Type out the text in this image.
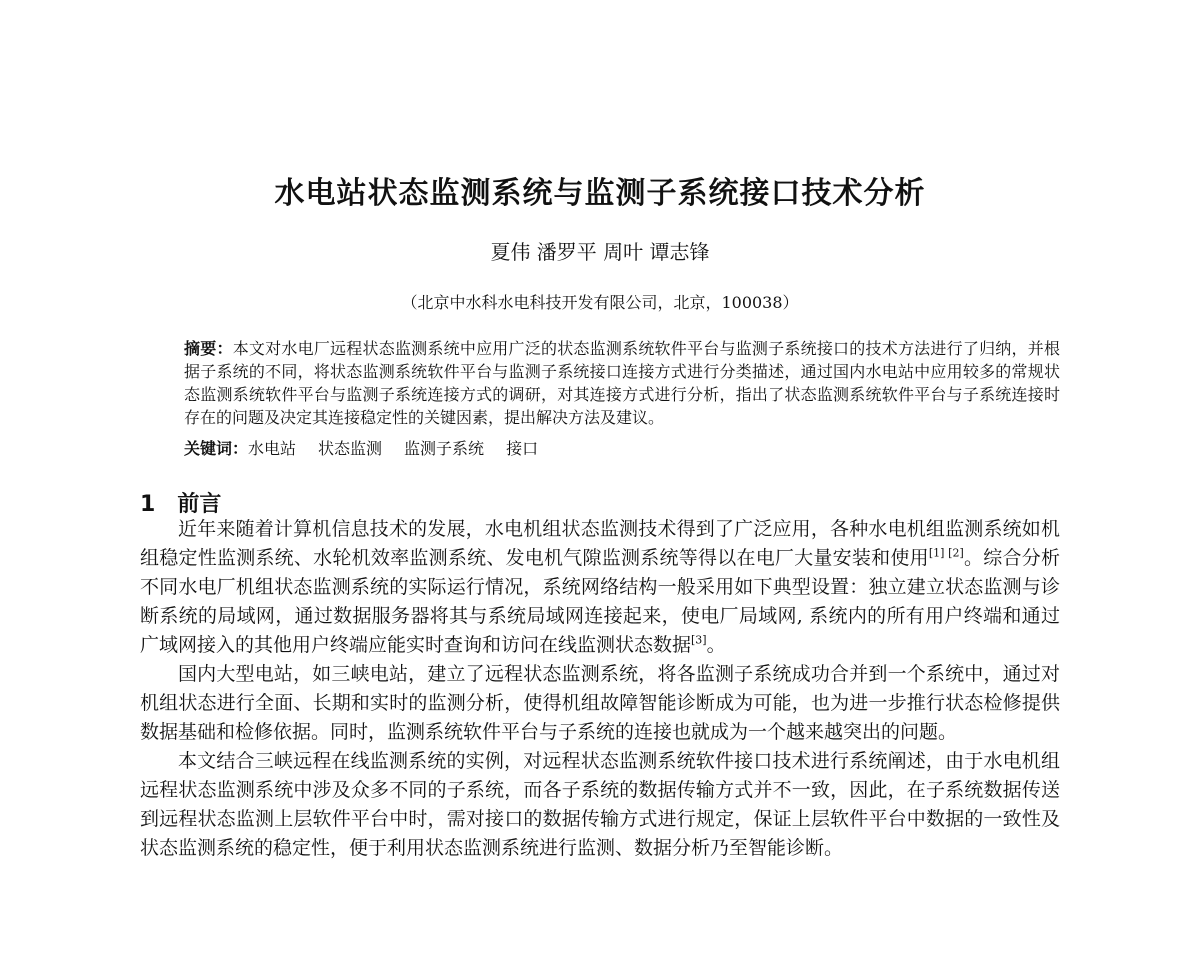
水电站状态监测系统与监测子系统接口技术分析
夏伟 潘罗平 周叶 谭志锋
（北京中水科水电科技开发有限公司，北京，100038）
摘要：本文对水电厂远程状态监测系统中应用广泛的状态监测系统软件平台与监测子系统接口的技术方法进行了归纳，并根据子系统的不同，将状态监测系统软件平台与监测子系统接口连接方式进行分类描述，通过国内水电站中应用较多的常规状态监测系统软件平台与监测子系统连接方式的调研，对其连接方式进行分析，指出了状态监测系统软件平台与子系统连接时存在的问题及决定其连接稳定性的关键因素，提出解决方法及建议。
关键词：水电站 状态监测 监测子系统 接口
1 前言

近年来随着计算机信息技术的发展，水电机组状态监测技术得到了广泛应用，各种水电机组监测系统如机组稳定性监测系统、水轮机效率监测系统、发电机气隙监测系统等得以在电厂大量安装和使用[1] [2]。综合分析不同水电厂机组状态监测系统的实际运行情况，系统网络结构一般采用如下典型设置：独立建立状态监测与诊断系统的局域网，通过数据服务器将其与系统局域网连接起来，使电厂局域网, 系统内的所有用户终端和通过广域网接入的其他用户终端应能实时查询和访问在线监测状态数据[3]。

国内大型电站，如三峡电站，建立了远程状态监测系统，将各监测子系统成功合并到一个系统中，通过对机组状态进行全面、长期和实时的监测分析，使得机组故障智能诊断成为可能，也为进一步推行状态检修提供数据基础和检修依据。同时，监测系统软件平台与子系统的连接也就成为一个越来越突出的问题。

本文结合三峡远程在线监测系统的实例，对远程状态监测系统软件接口技术进行系统阐述，由于水电机组远程状态监测系统中涉及众多不同的子系统，而各子系统的数据传输方式并不一致，因此，在子系统数据传送到远程状态监测上层软件平台中时，需对接口的数据传输方式进行规定，保证上层软件平台中数据的一致性及状态监测系统的稳定性，便于利用状态监测系统进行监测、数据分析乃至智能诊断。
